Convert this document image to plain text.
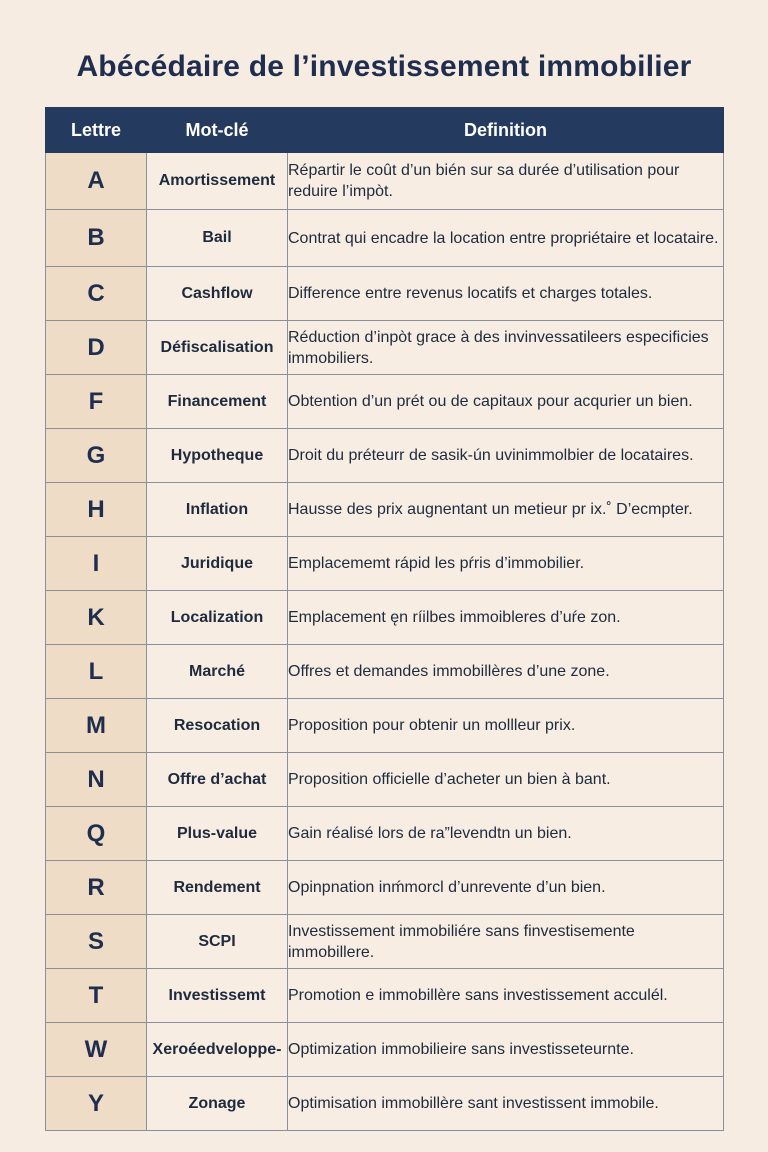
Abécédaire de l’investissement immobilier
Lettre	Mot-clé	Definition
A	Amortissement	Répartir le coût d’un bién sur sa durée d’utilisation pour reduire l’impòt.
B	Bail	Contrat qui encadre la location entre propriétaire et locataire.
C	Cashflow	Difference entre revenus locatifs et charges totales.
D	Défiscalisation	Réduction d’inpòt grace à des invinvessatileers especificies immobiliers.
F	Financement	Obtention d’un prét ou de capitaux pour acqurier un bien.
G	Hypotheque	Droit du préteurr de sasik-ún uvinimmolbier de locataires.
H	Inflation	Hausse des prix augnentant un metieur pr ix.˚ D’ecmpter.
I	Juridique	Emplacememt rápid les pŕris d’immobilier.
K	Localization	Emplacement ęn ríilbes immoibleres d’uŕe zon.
L	Marché	Offres et demandes immobillères d’une zone.
M	Resocation	Proposition pour obtenir un mollleur prix.
N	Offre d’achat	Proposition officielle d’acheter un bien à bant.
Q	Plus-value	Gain réalisé lors de ra”levendtn un bien.
R	Rendement	Opinpnation inḿmorcl d’unrevente d’un bien.
S	SCPI	Investissement immobiliére sans finvestisemente immobillere.
T	Investissemt	Promotion e immobillère sans investissement acculél.
W	Xeroéedveloppe-	Optimization immobilieire sans investisseteurnte.
Y	Zonage	Optimisation immobillère sant investissent immobile.
